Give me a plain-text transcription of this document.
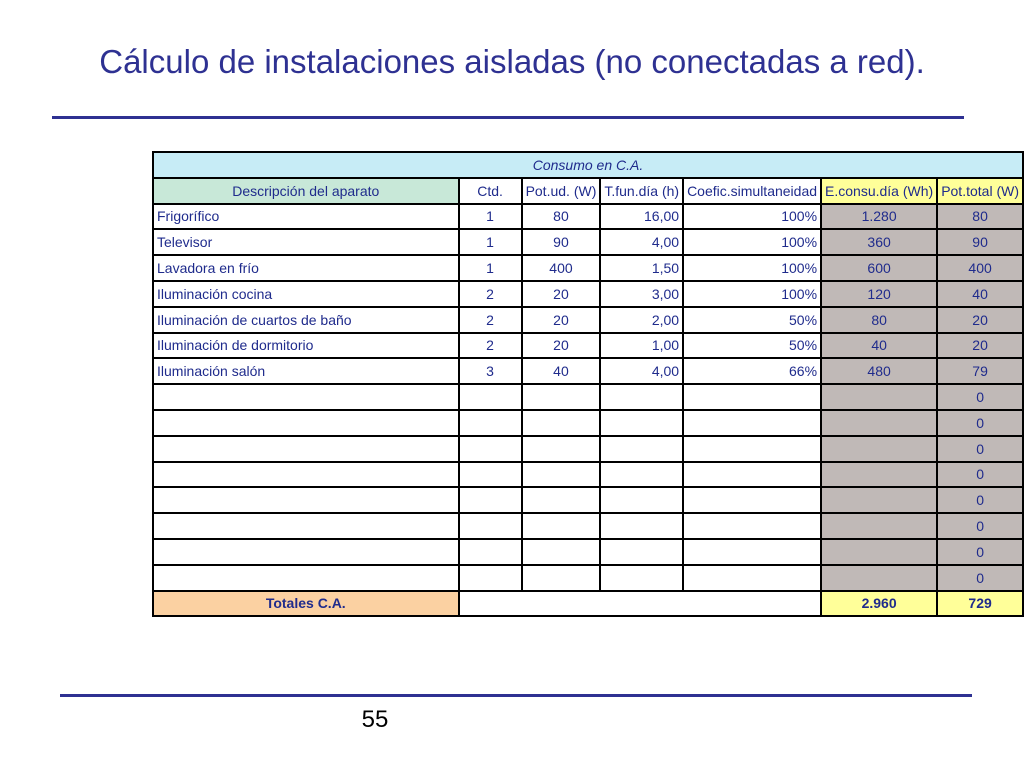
Cálculo de instalaciones aisladas (no conectadas a red).
Consumo en C.A.						
Descripción del aparato	Ctd.	Pot.ud. (W)	T.fun.día (h)	Coefic.simultaneidad	E.consu.día (Wh)	Pot.total (W)
Frigorífico	1	80	16,00	100%	1.280	80
Televisor	1	90	4,00	100%	360	90
Lavadora en frío	1	400	1,50	100%	600	400
Iluminación cocina	2	20	3,00	100%	120	40
Iluminación de cuartos de baño	2	20	2,00	50%	80	20
Iluminación de dormitorio	2	20	1,00	50%	40	20
Iluminación salón	3	40	4,00	66%	480	79
						0
						0
						0
						0
						0
						0
						0
						0
Totales C.A.					2.960	729
55
